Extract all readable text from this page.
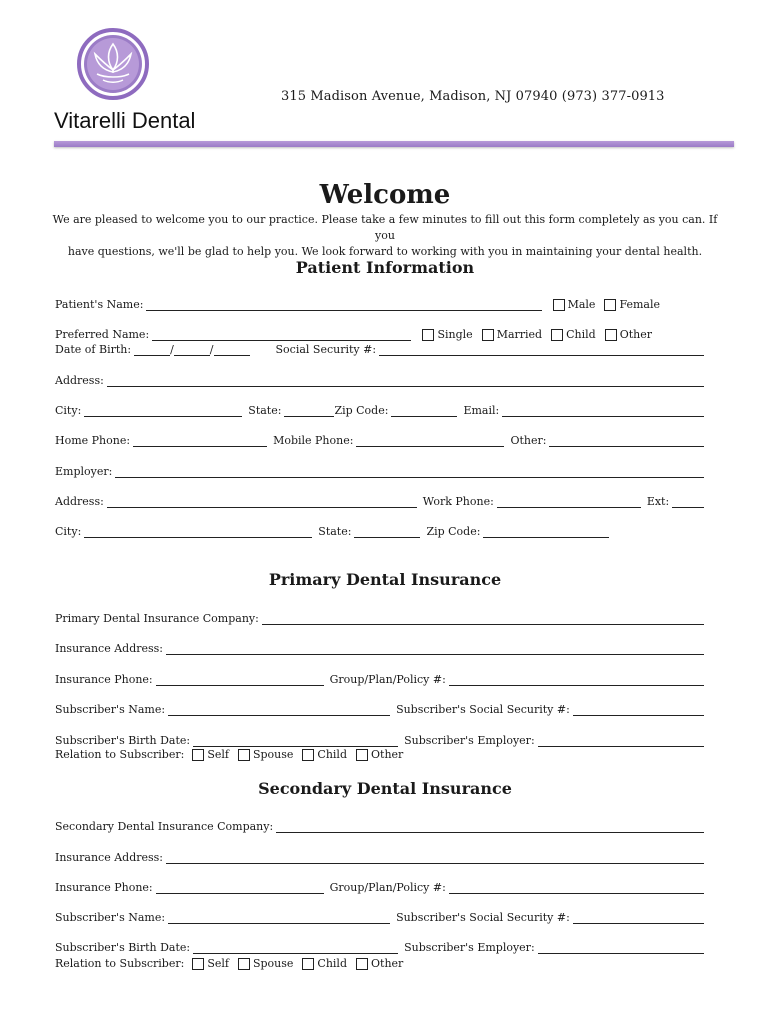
Vitarelli Dental
315 Madison Avenue, Madison, NJ 07940 (973) 377-0913
Welcome
We are pleased to welcome you to our practice. Please take a few minutes to fill out this form completely as you can. If you
have questions, we'll be glad to help you. We look forward to working with you in maintaining your dental health.
Patient Information
Patient's Name:	Male Female
Preferred Name:	Single Married Child Other
Date of Birth:	/	/	Social Security #:
Address:
City:	State:	Zip Code:	Email:
Home Phone:	Mobile Phone:	Other:
Employer:
Address:	Work Phone:	Ext:
City:	State:	Zip Code:
Primary Dental Insurance
Primary Dental Insurance Company:
Insurance Address:
Insurance Phone:	Group/Plan/Policy #:
Subscriber's Name:	Subscriber's Social Security #:
Subscriber's Birth Date:	Subscriber's Employer:
Relation to Subscriber: Self Spouse Child Other
Secondary Dental Insurance
Secondary Dental Insurance Company:
Insurance Address:
Insurance Phone:	Group/Plan/Policy #:
Subscriber's Name:	Subscriber's Social Security #:
Subscriber's Birth Date:	Subscriber's Employer:
Relation to Subscriber: Self Spouse Child Other
